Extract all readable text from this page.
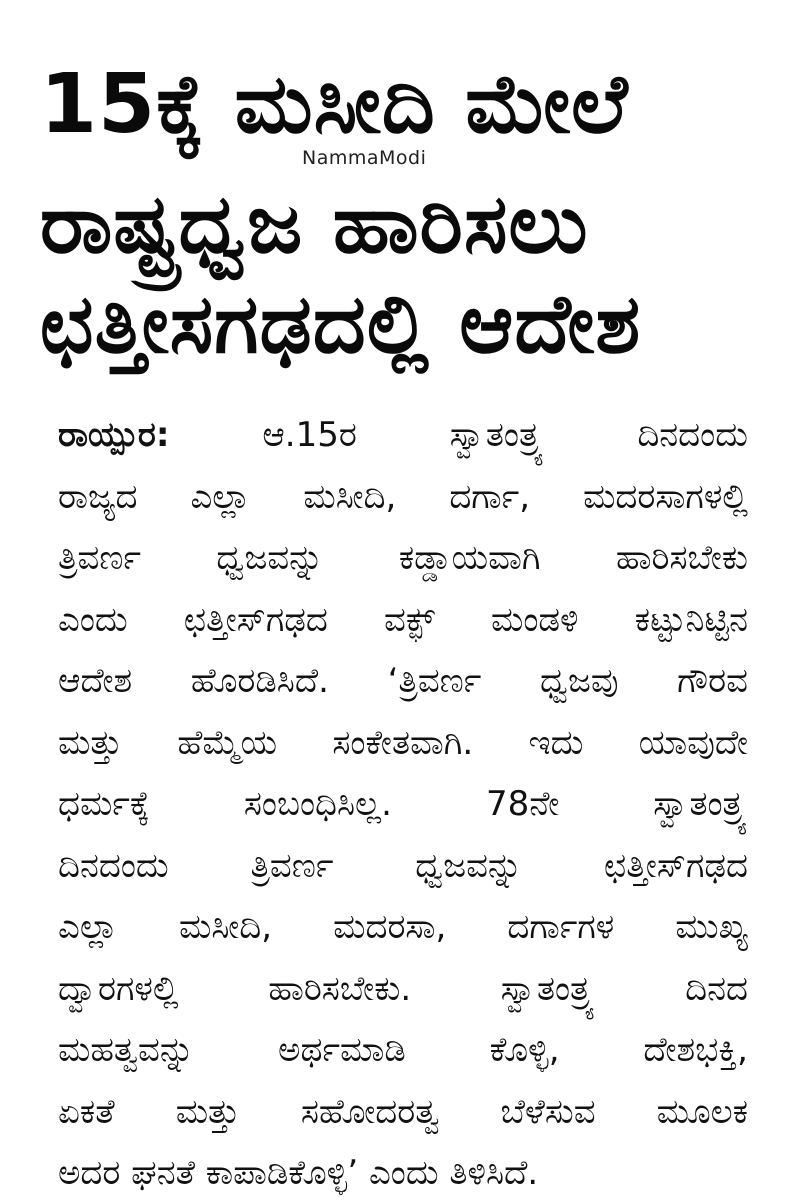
15ಕ್ಕೆ ಮಸೀದಿ ಮೇಲೆ
NammaModi
ರಾಷ್ಟ್ರಧ್ವಜ ಹಾರಿಸಲು
ಛತ್ತೀಸಗಢದಲ್ಲಿ ಆದೇಶ
ರಾಯ್ಪುರ:	ಆ.15ರ ಸ್ವಾತಂತ್ರ್ಯ ದಿನದಂದು
ರಾಜ್ಯದ ಎಲ್ಲಾ ಮಸೀದಿ, ದರ್ಗಾ, ಮದರಸಾಗಳಲ್ಲಿ
ತ್ರಿವರ್ಣ ಧ್ವಜವನ್ನು ಕಡ್ಡಾಯವಾಗಿ ಹಾರಿಸಬೇಕು
ಎಂದು ಛತ್ತೀಸ್‌ಗಢದ ವಕ್ಫ್ ಮಂಡಳಿ ಕಟ್ಟುನಿಟ್ಟಿನ
ಆದೇಶ ಹೊರಡಿಸಿದೆ. ‘ತ್ರಿವರ್ಣ ಧ್ವಜವು ಗೌರವ
ಮತ್ತು ಹೆಮ್ಮೆಯ ಸಂಕೇತವಾಗಿ. ಇದು ಯಾವುದೇ
ಧರ್ಮಕ್ಕೆ ಸಂಬಂಧಿಸಿಲ್ಲ. 78ನೇ ಸ್ವಾತಂತ್ರ್ಯ
ದಿನದಂದು ತ್ರಿವರ್ಣ ಧ್ವಜವನ್ನು ಛತ್ತೀಸ್‌ಗಢದ
ಎಲ್ಲಾ ಮಸೀದಿ, ಮದರಸಾ, ದರ್ಗಾಗಳ ಮುಖ್ಯ
ದ್ವಾರಗಳಲ್ಲಿ ಹಾರಿಸಬೇಕು. ಸ್ವಾತಂತ್ರ್ಯ ದಿನದ
ಮಹತ್ವವನ್ನು ಅರ್ಥಮಾಡಿ ಕೊಳ್ಳಿ, ದೇಶಭಕ್ತಿ,
ಏಕತೆ ಮತ್ತು ಸಹೋದರತ್ವ ಬೆಳೆಸುವ ಮೂಲಕ
ಅದರ ಘನತೆ ಕಾಪಾಡಿಕೊಳ್ಳಿ’ ಎಂದು ತಿಳಿಸಿದೆ.
